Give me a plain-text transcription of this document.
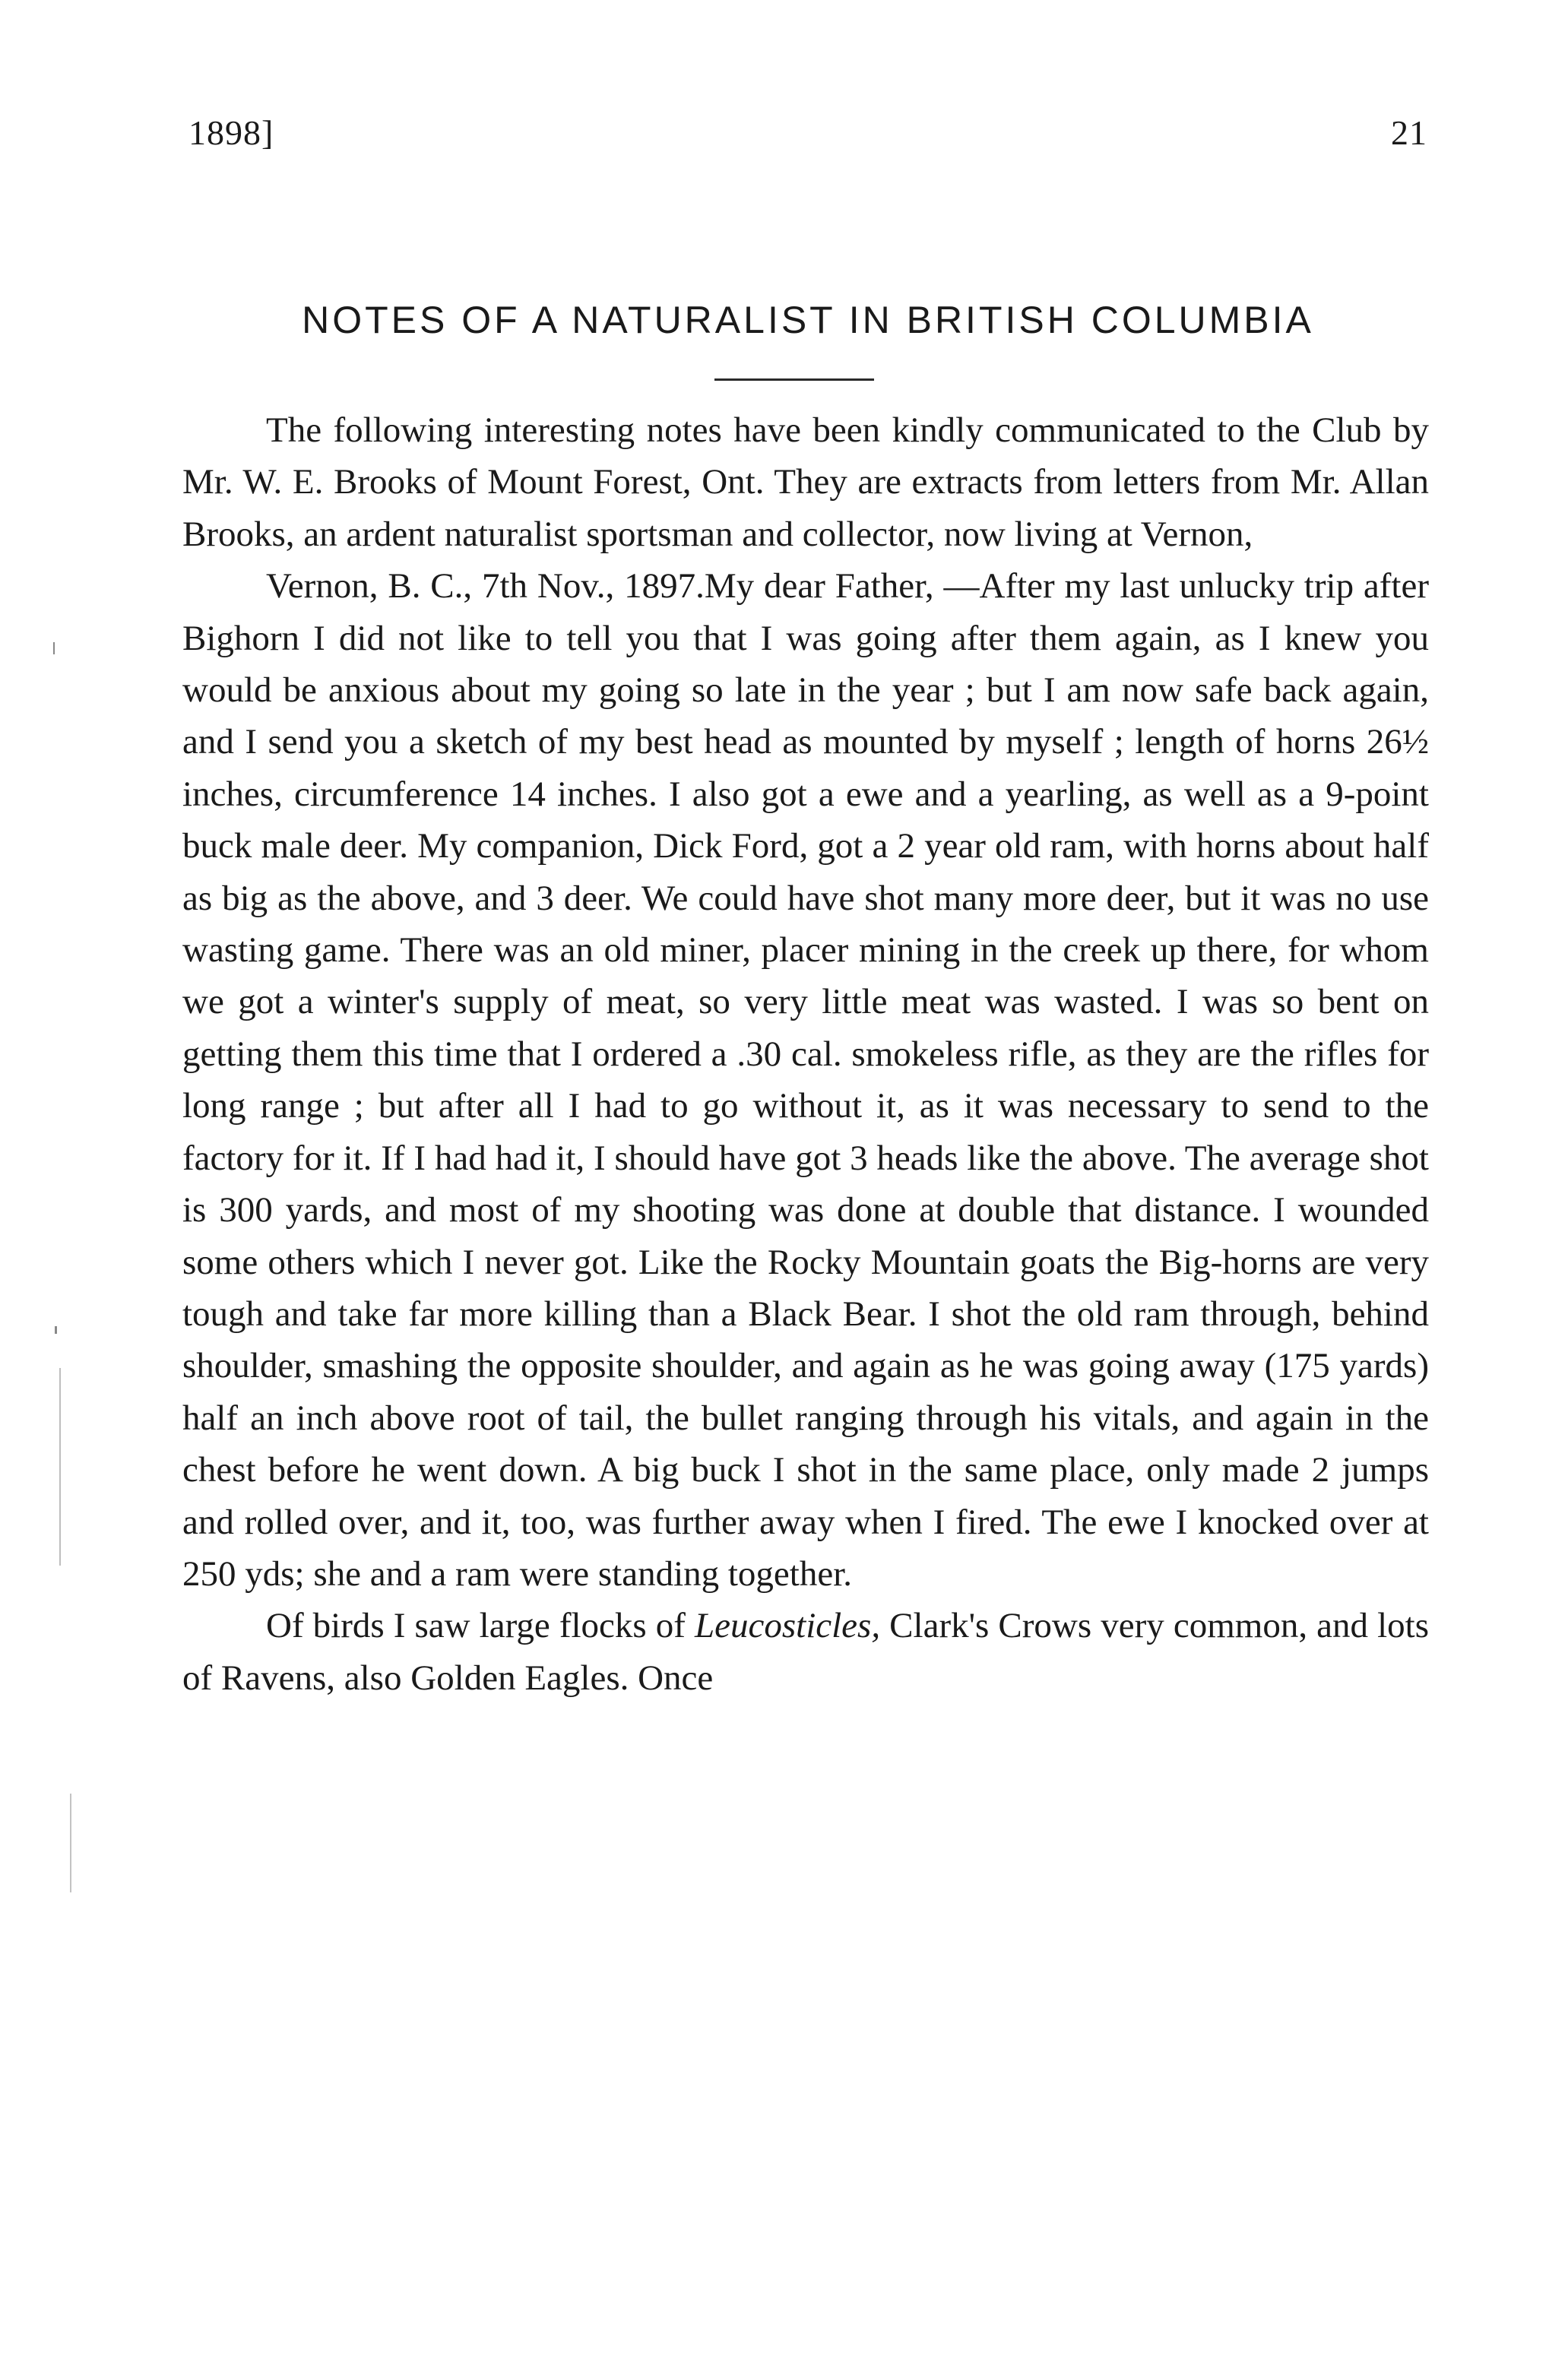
1898]	21
NOTES OF A NATURALIST IN BRITISH COLUMBIA

The following interesting notes have been kindly communicated to the Club by Mr. W. E. Brooks of Mount Forest, Ont. They are extracts from letters from Mr. Allan Brooks, an ardent naturalist sportsman and collector, now living at Vernon,

Vernon, B. C., 7th Nov., 1897.My dear Father, —After my last unlucky trip after Bighorn I did not like to tell you that I was going after them again, as I knew you would be anxious about my going so late in the year ; but I am now safe back again, and I send you a sketch of my best head as mounted by myself ; length of horns 26½ inches, circumference 14 inches. I also got a ewe and a yearling, as well as a 9-point buck male deer. My companion, Dick Ford, got a 2 year old ram, with horns about half as big as the above, and 3 deer. We could have shot many more deer, but it was no use wasting game. There was an old miner, placer mining in the creek up there, for whom we got a winter's supply of meat, so very little meat was wasted. I was so bent on getting them this time that I ordered a .30 cal. smokeless rifle, as they are the rifles for long range ; but after all I had to go without it, as it was necessary to send to the factory for it. If I had had it, I should have got 3 heads like the above. The average shot is 300 yards, and most of my shooting was done at double that distance. I wounded some others which I never got. Like the Rocky Mountain goats the Big-horns are very tough and take far more killing than a Black Bear. I shot the old ram through, behind shoulder, smashing the opposite shoulder, and again as he was going away (175 yards) half an inch above root of tail, the bullet ranging through his vitals, and again in the chest before he went down. A big buck I shot in the same place, only made 2 jumps and rolled over, and it, too, was further away when I fired. The ewe I knocked over at 250 yds; she and a ram were standing together.

Of birds I saw large flocks of Leucosticles, Clark's Crows very common, and lots of Ravens, also Golden Eagles. Once
